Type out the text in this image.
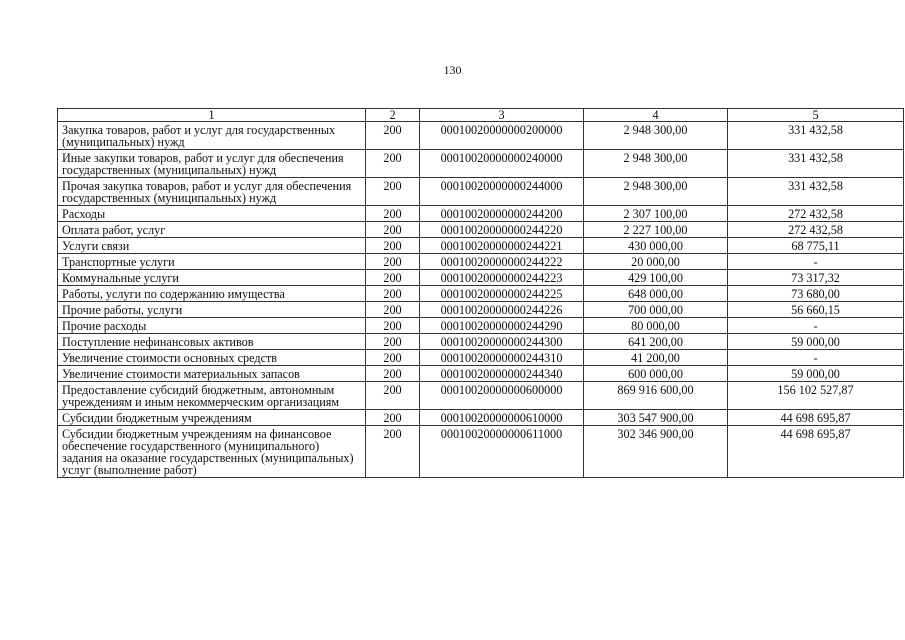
130
1	2	3	4	5
Закупка товаров, работ и услуг для государственных (муниципальных) нужд	200	00010020000000200000	2 948 300,00	331 432,58
Иные закупки товаров, работ и услуг для обеспечения государственных (муниципальных) нужд	200	00010020000000240000	2 948 300,00	331 432,58
Прочая закупка товаров, работ и услуг для обеспечения государственных (муниципальных) нужд	200	00010020000000244000	2 948 300,00	331 432,58
Расходы	200	00010020000000244200	2 307 100,00	272 432,58
Оплата работ, услуг	200	00010020000000244220	2 227 100,00	272 432,58
Услуги связи	200	00010020000000244221	430 000,00	68 775,11
Транспортные услуги	200	00010020000000244222	20 000,00	-
Коммунальные услуги	200	00010020000000244223	429 100,00	73 317,32
Работы, услуги по содержанию имущества	200	00010020000000244225	648 000,00	73 680,00
Прочие работы, услуги	200	00010020000000244226	700 000,00	56 660,15
Прочие расходы	200	00010020000000244290	80 000,00	-
Поступление нефинансовых активов	200	00010020000000244300	641 200,00	59 000,00
Увеличение стоимости основных средств	200	00010020000000244310	41 200,00	-
Увеличение стоимости материальных запасов	200	00010020000000244340	600 000,00	59 000,00
Предоставление субсидий бюджетным, автономным учреждениям и иным некоммерческим организациям	200	00010020000000600000	869 916 600,00	156 102 527,87
Субсидии бюджетным учреждениям	200	00010020000000610000	303 547 900,00	44 698 695,87
Субсидии бюджетным учреждениям на финансовое обеспечение государственного (муниципального) задания на оказание государственных (муниципальных) услуг (выполнение работ)	200	00010020000000611000	302 346 900,00	44 698 695,87
